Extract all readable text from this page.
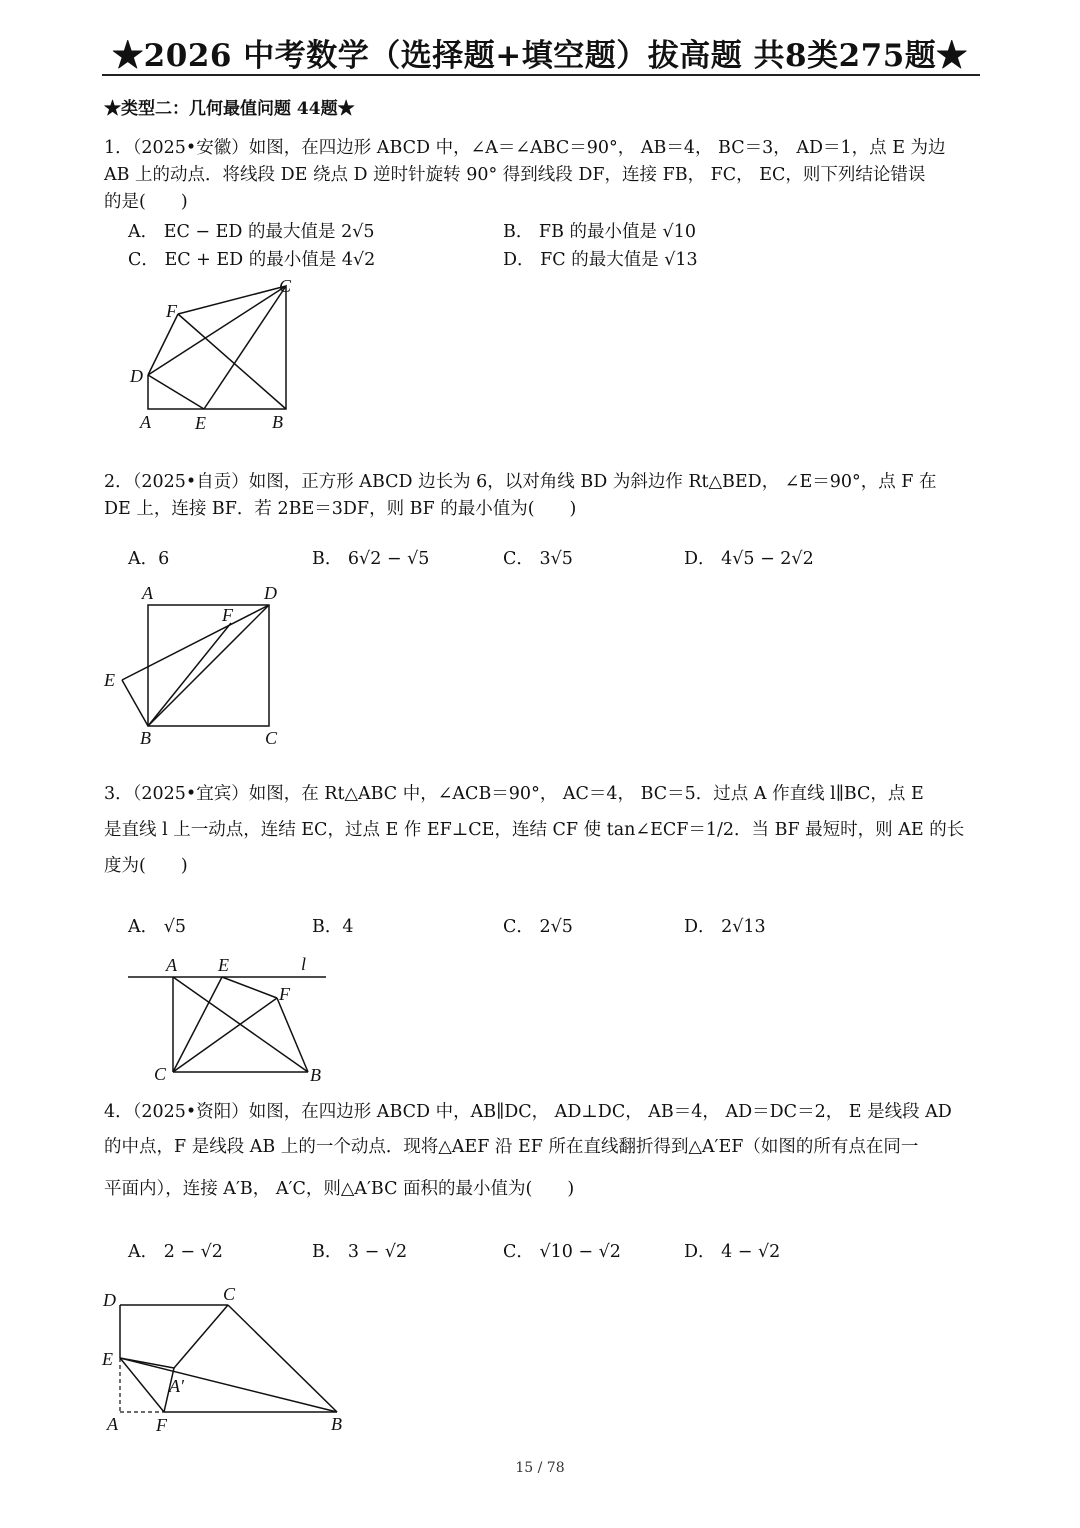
★2026 中考数学（选择题+填空题）拔高题 共8类275题★
★类型二：几何最值问题 44题★

1．（2025•安徽）如图，在四边形 ABCD 中，∠A＝∠ABC＝90°， AB＝4， BC＝3， AD＝1，点 E 为边

AB 上的动点．将线段 DE 绕点 D 逆时针旋转 90° 得到线段 DF，连接 FB， FC， EC，则下列结论错误

的是(　　)

A． EC − ED 的最大值是 2√5	B． FB 的最小值是 √10
C． EC + ED 的最小值是 4√2	D． FC 的最大值是 √13
C
F
D
A E	B

2．（2025•自贡）如图，正方形 ABCD 边长为 6，以对角线 BD 为斜边作 Rt△BED， ∠E＝90°，点 F 在

DE 上，连接 BF．若 2BE＝3DF，则 BF 的最小值为(　　)

A．6	B． 6√2 − √5	C． 3√5	D． 4√5 − 2√2
A	D
F
E
B	C

3．（2025•宜宾）如图，在 Rt△ABC 中，∠ACB＝90°， AC＝4， BC＝5．过点 A 作直线 l∥BC，点 E

是直线 l 上一动点，连结 EC，过点 E 作 EF⊥CE，连结 CF 使 tan∠ECF＝1/2．当 BF 最短时，则 AE 的长

度为(　　)

A． √5	B．4	C． 2√5	D． 2√13
A E	l
F
C	B

4．（2025•资阳）如图，在四边形 ABCD 中，AB∥DC， AD⊥DC， AB＝4， AD＝DC＝2， E 是线段 AD

的中点，F 是线段 AB 上的一个动点．现将△AEF 沿 EF 所在直线翻折得到△A′EF（如图的所有点在同一

平面内），连接 A′B， A′C，则△A′BC 面积的最小值为(　　)

A． 2 − √2	B． 3 − √2	C． √10 − √2	D． 4 − √2
D	C
E
A′
A F	B
15 / 78
